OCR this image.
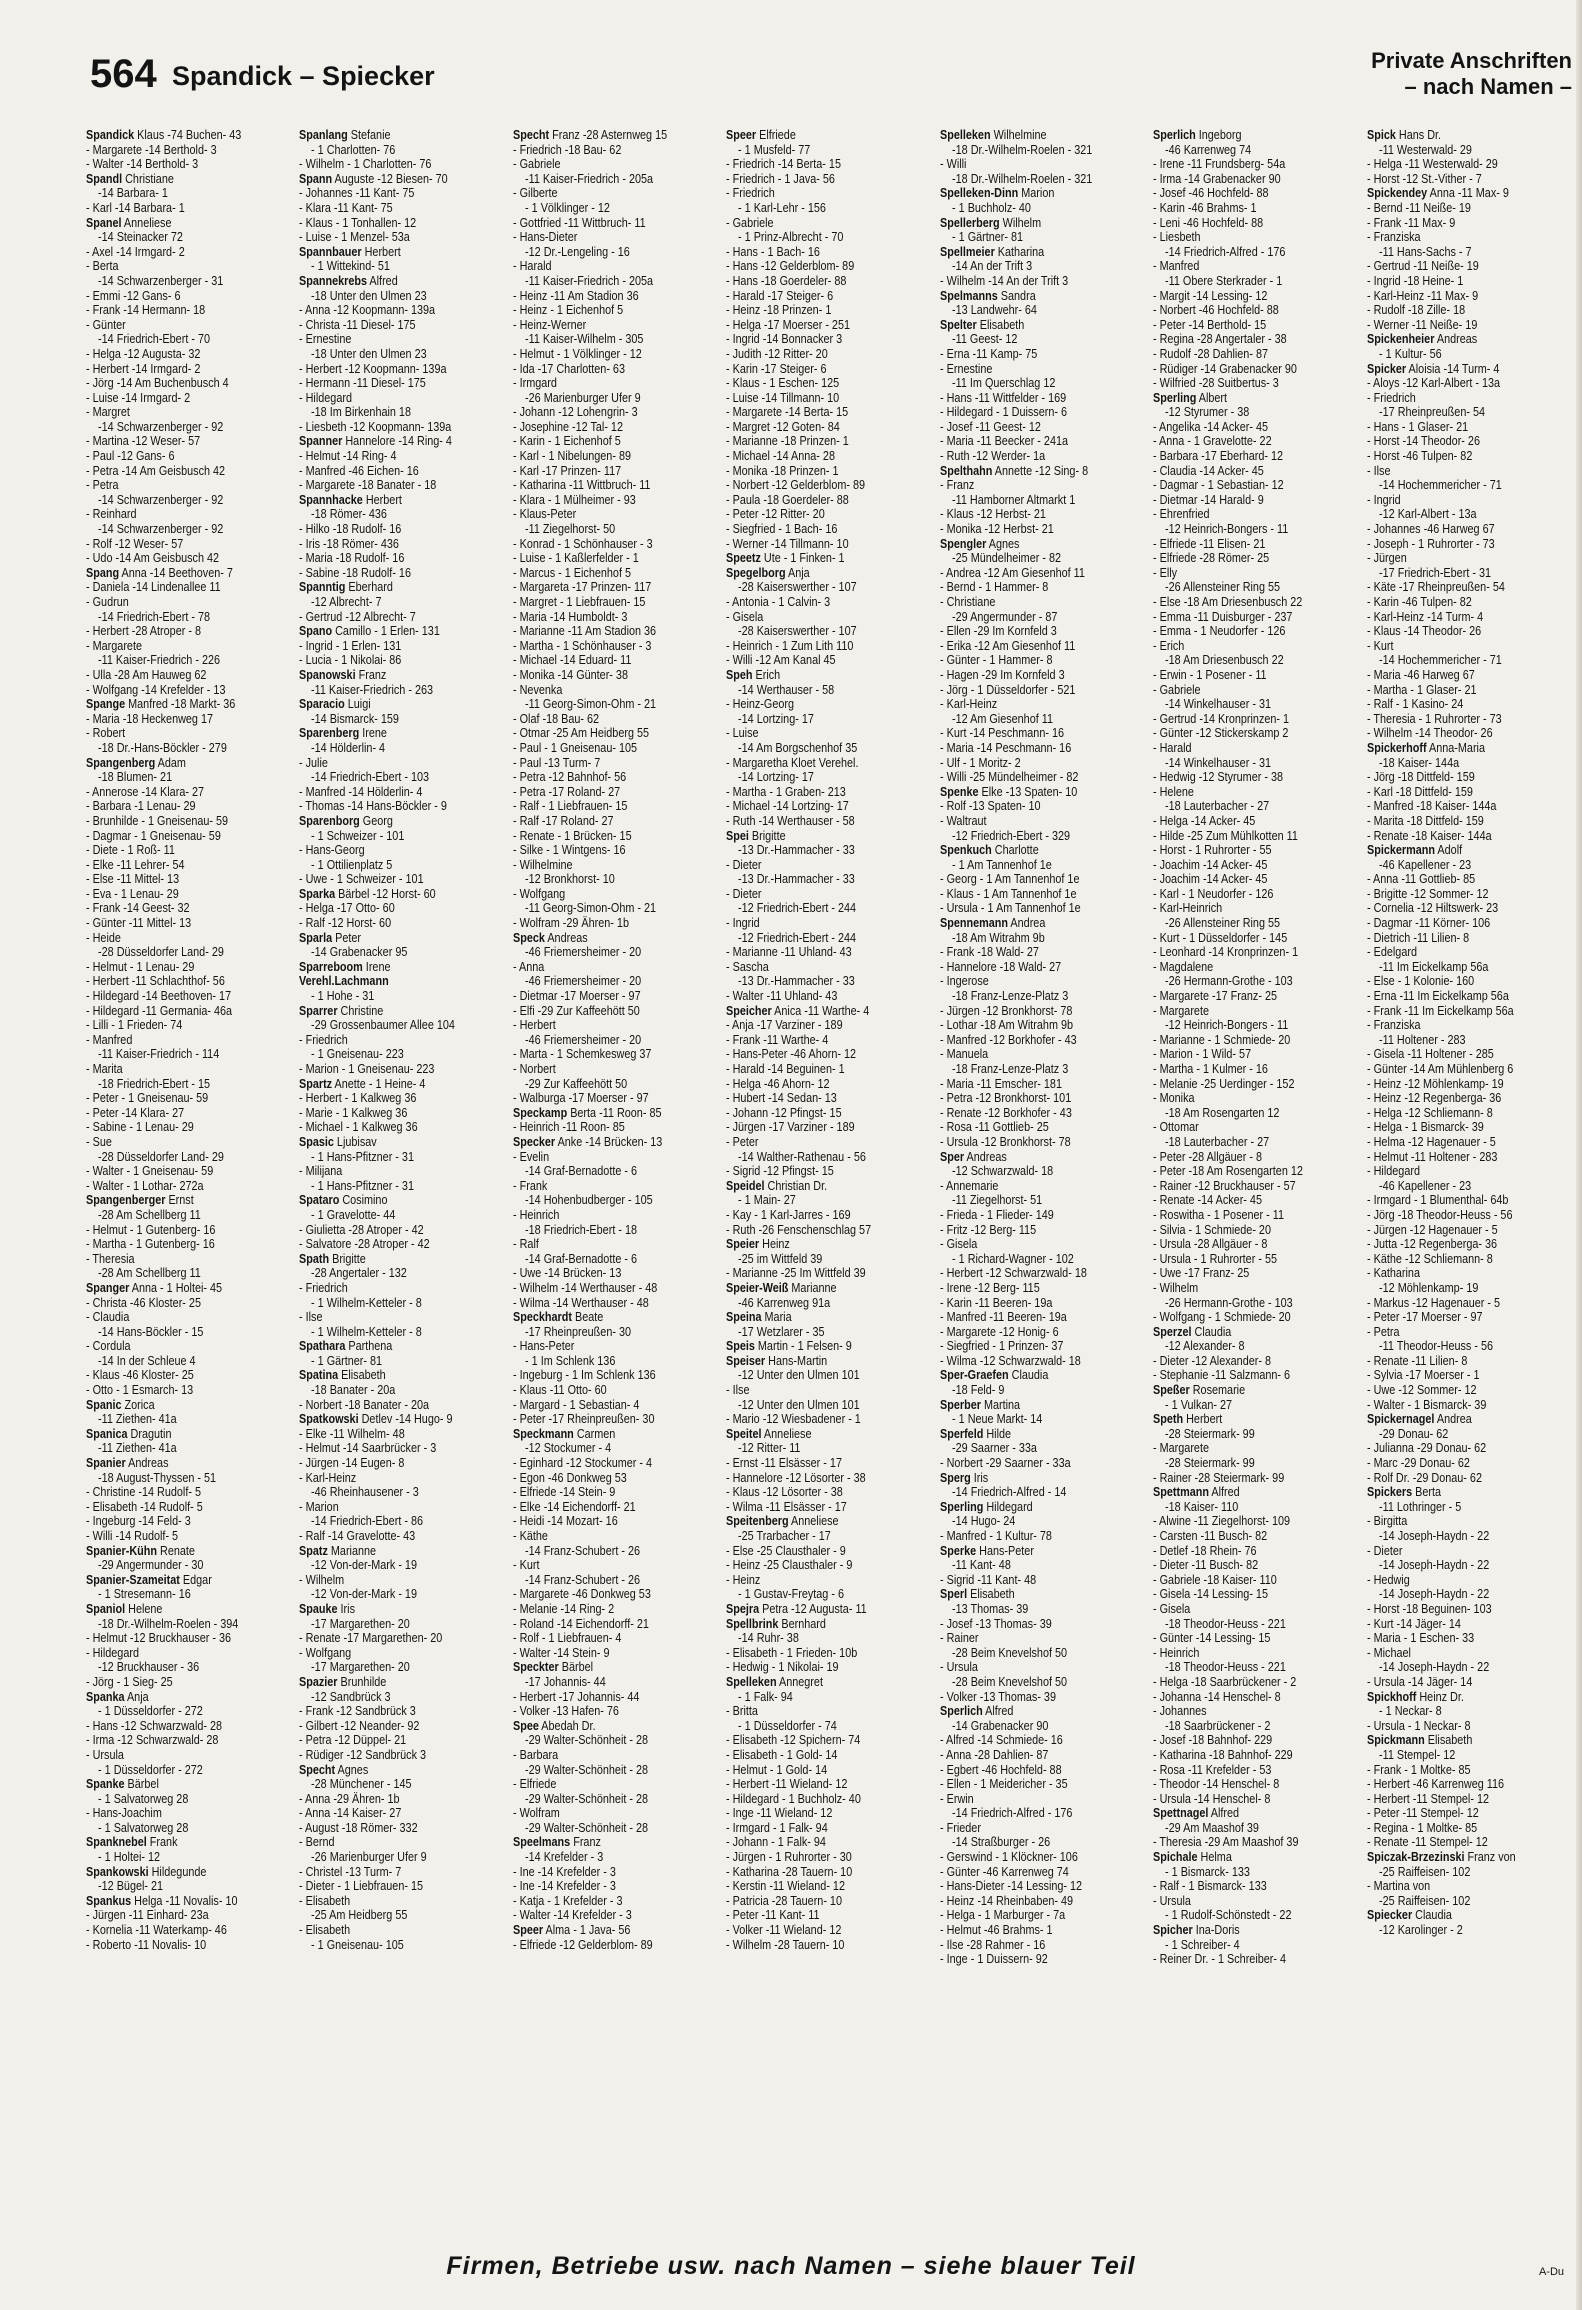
564 Spandick – Spiecker
Private Anschriften
– nach Namen –
Spandick Klaus -74 Buchen- 43
- Margarete -14 Berthold- 3
- Walter -14 Berthold- 3
Spandl Christiane
-14 Barbara- 1
- Karl -14 Barbara- 1
Spanel Anneliese
-14 Steinacker 72
- Axel -14 Irmgard- 2
- Berta
-14 Schwarzenberger - 31
- Emmi -12 Gans- 6
- Frank -14 Hermann- 18
- Günter
-14 Friedrich-Ebert - 70
- Helga -12 Augusta- 32
- Herbert -14 Irmgard- 2
- Jörg -14 Am Buchenbusch 4
- Luise -14 Irmgard- 2
- Margret
-14 Schwarzenberger - 92
- Martina -12 Weser- 57
- Paul -12 Gans- 6
- Petra -14 Am Geisbusch 42
- Petra
-14 Schwarzenberger - 92
- Reinhard
-14 Schwarzenberger - 92
- Rolf -12 Weser- 57
- Udo -14 Am Geisbusch 42
Spang Anna -14 Beethoven- 7
- Daniela -14 Lindenallee 11
- Gudrun
-14 Friedrich-Ebert - 78
- Herbert -28 Atroper - 8
- Margarete
-11 Kaiser-Friedrich - 226
- Ulla -28 Am Hauweg 62
- Wolfgang -14 Krefelder - 13
Spange Manfred -18 Markt- 36
- Maria -18 Heckenweg 17
- Robert
-18 Dr.-Hans-Böckler - 279
Spangenberg Adam
-18 Blumen- 21
- Annerose -14 Klara- 27
- Barbara -1 Lenau- 29
- Brunhilde - 1 Gneisenau- 59
- Dagmar - 1 Gneisenau- 59
- Diete - 1 Roß- 11
- Elke -11 Lehrer- 54
- Else -11 Mittel- 13
- Eva - 1 Lenau- 29
- Frank -14 Geest- 32
- Günter -11 Mittel- 13
- Heide
-28 Düsseldorfer Land- 29
- Helmut - 1 Lenau- 29
- Herbert -11 Schlachthof- 56
- Hildegard -14 Beethoven- 17
- Hildegard -11 Germania- 46a
- Lilli - 1 Frieden- 74
- Manfred
-11 Kaiser-Friedrich - 114
- Marita
-18 Friedrich-Ebert - 15
- Peter - 1 Gneisenau- 59
- Peter -14 Klara- 27
- Sabine - 1 Lenau- 29
- Sue
-28 Düsseldorfer Land- 29
- Walter - 1 Gneisenau- 59
- Walter - 1 Lothar- 272a
Spangenberger Ernst
-28 Am Schellberg 11
- Helmut - 1 Gutenberg- 16
- Martha - 1 Gutenberg- 16
- Theresia
-28 Am Schellberg 11
Spanger Anna - 1 Holtei- 45
- Christa -46 Kloster- 25
- Claudia
-14 Hans-Böckler - 15
- Cordula
-14 In der Schleue 4
- Klaus -46 Kloster- 25
- Otto - 1 Esmarch- 13
Spanic Zorica
-11 Ziethen- 41a
Spanica Dragutin
-11 Ziethen- 41a
Spanier Andreas
-18 August-Thyssen - 51
- Christine -14 Rudolf- 5
- Elisabeth -14 Rudolf- 5
- Ingeburg -14 Feld- 3
- Willi -14 Rudolf- 5
Spanier-Kühn Renate
-29 Angermunder - 30
Spanier-Szameitat Edgar
- 1 Stresemann- 16
Spaniol Helene
-18 Dr.-Wilhelm-Roelen - 394
- Helmut -12 Bruckhauser - 36
- Hildegard
-12 Bruckhauser - 36
- Jörg - 1 Sieg- 25
Spanka Anja
- 1 Düsseldorfer - 272
- Hans -12 Schwarzwald- 28
- Irma -12 Schwarzwald- 28
- Ursula
- 1 Düsseldorfer - 272
Spanke Bärbel
- 1 Salvatorweg 28
- Hans-Joachim
- 1 Salvatorweg 28
Spanknebel Frank
- 1 Holtei- 12
Spankowski Hildegunde
-12 Bügel- 21
Spankus Helga -11 Novalis- 10
- Jürgen -11 Einhard- 23a
- Kornelia -11 Waterkamp- 46
- Roberto -11 Novalis- 10
Spanlang Stefanie
- 1 Charlotten- 76
- Wilhelm - 1 Charlotten- 76
Spann Auguste -12 Biesen- 70
- Johannes -11 Kant- 75
- Klara -11 Kant- 75
- Klaus - 1 Tonhallen- 12
- Luise - 1 Menzel- 53a
Spannbauer Herbert
- 1 Wittekind- 51
Spannekrebs Alfred
-18 Unter den Ulmen 23
- Anna -12 Koopmann- 139a
- Christa -11 Diesel- 175
- Ernestine
-18 Unter den Ulmen 23
- Herbert -12 Koopmann- 139a
- Hermann -11 Diesel- 175
- Hildegard
-18 Im Birkenhain 18
- Liesbeth -12 Koopmann- 139a
Spanner Hannelore -14 Ring- 4
- Helmut -14 Ring- 4
- Manfred -46 Eichen- 16
- Margarete -18 Banater - 18
Spannhacke Herbert
-18 Römer- 436
- Hilko -18 Rudolf- 16
- Iris -18 Römer- 436
- Maria -18 Rudolf- 16
- Sabine -18 Rudolf- 16
Spanntig Eberhard
-12 Albrecht- 7
- Gertrud -12 Albrecht- 7
Spano Camillo - 1 Erlen- 131
- Ingrid - 1 Erlen- 131
- Lucia - 1 Nikolai- 86
Spanowski Franz
-11 Kaiser-Friedrich - 263
Sparacio Luigi
-14 Bismarck- 159
Sparenberg Irene
-14 Hölderlin- 4
- Julie
-14 Friedrich-Ebert - 103
- Manfred -14 Hölderlin- 4
- Thomas -14 Hans-Böckler - 9
Sparenborg Georg
- 1 Schweizer - 101
- Hans-Georg
- 1 Ottilienplatz 5
- Uwe - 1 Schweizer - 101
Sparka Bärbel -12 Horst- 60
- Helga -17 Otto- 60
- Ralf -12 Horst- 60
Sparla Peter
-14 Grabenacker 95
Sparreboom Irene
Verehl.Lachmann
- 1 Hohe - 31
Sparrer Christine
-29 Grossenbaumer Allee 104
- Friedrich
- 1 Gneisenau- 223
- Marion - 1 Gneisenau- 223
Spartz Anette - 1 Heine- 4
- Herbert - 1 Kalkweg 36
- Marie - 1 Kalkweg 36
- Michael - 1 Kalkweg 36
Spasic Ljubisav
- 1 Hans-Pfitzner - 31
- Milijana
- 1 Hans-Pfitzner - 31
Spataro Cosimino
- 1 Gravelotte- 44
- Giulietta -28 Atroper - 42
- Salvatore -28 Atroper - 42
Spath Brigitte
-28 Angertaler - 132
- Friedrich
- 1 Wilhelm-Ketteler - 8
- Ilse
- 1 Wilhelm-Ketteler - 8
Spathara Parthena
- 1 Gärtner- 81
Spatina Elisabeth
-18 Banater - 20a
- Norbert -18 Banater - 20a
Spatkowski Detlev -14 Hugo- 9
- Elke -11 Wilhelm- 48
- Helmut -14 Saarbrücker - 3
- Jürgen -14 Eugen- 8
- Karl-Heinz
-46 Rheinhausener - 3
- Marion
-14 Friedrich-Ebert - 86
- Ralf -14 Gravelotte- 43
Spatz Marianne
-12 Von-der-Mark - 19
- Wilhelm
-12 Von-der-Mark - 19
Spauke Iris
-17 Margarethen- 20
- Renate -17 Margarethen- 20
- Wolfgang
-17 Margarethen- 20
Spazier Brunhilde
-12 Sandbrück 3
- Frank -12 Sandbrück 3
- Gilbert -12 Neander- 92
- Petra -12 Düppel- 21
- Rüdiger -12 Sandbrück 3
Specht Agnes
-28 Münchener - 145
- Anna -29 Ähren- 1b
- Anna -14 Kaiser- 27
- August -18 Römer- 332
- Bernd
-26 Marienburger Ufer 9
- Christel -13 Turm- 7
- Dieter - 1 Liebfrauen- 15
- Elisabeth
-25 Am Heidberg 55
- Elisabeth
- 1 Gneisenau- 105
Specht Franz -28 Asternweg 15
- Friedrich -18 Bau- 62
- Gabriele
-11 Kaiser-Friedrich - 205a
- Gilberte
- 1 Völklinger - 12
- Gottfried -11 Wittbruch- 11
- Hans-Dieter
-12 Dr.-Lengeling - 16
- Harald
-11 Kaiser-Friedrich - 205a
- Heinz -11 Am Stadion 36
- Heinz - 1 Eichenhof 5
- Heinz-Werner
-11 Kaiser-Wilhelm - 305
- Helmut - 1 Völklinger - 12
- Ida -17 Charlotten- 63
- Irmgard
-26 Marienburger Ufer 9
- Johann -12 Lohengrin- 3
- Josephine -12 Tal- 12
- Karin - 1 Eichenhof 5
- Karl - 1 Nibelungen- 89
- Karl -17 Prinzen- 117
- Katharina -11 Wittbruch- 11
- Klara - 1 Mülheimer - 93
- Klaus-Peter
-11 Ziegelhorst- 50
- Konrad - 1 Schönhauser - 3
- Luise - 1 Kaßlerfelder - 1
- Marcus - 1 Eichenhof 5
- Margareta -17 Prinzen- 117
- Margret - 1 Liebfrauen- 15
- Maria -14 Humboldt- 3
- Marianne -11 Am Stadion 36
- Martha - 1 Schönhauser - 3
- Michael -14 Eduard- 11
- Monika -14 Günter- 38
- Nevenka
-11 Georg-Simon-Ohm - 21
- Olaf -18 Bau- 62
- Otmar -25 Am Heidberg 55
- Paul - 1 Gneisenau- 105
- Paul -13 Turm- 7
- Petra -12 Bahnhof- 56
- Petra -17 Roland- 27
- Ralf - 1 Liebfrauen- 15
- Ralf -17 Roland- 27
- Renate - 1 Brücken- 15
- Silke - 1 Wintgens- 16
- Wilhelmine
-12 Bronkhorst- 10
- Wolfgang
-11 Georg-Simon-Ohm - 21
- Wolfram -29 Ähren- 1b
Speck Andreas
-46 Friemersheimer - 20
- Anna
-46 Friemersheimer - 20
- Dietmar -17 Moerser - 97
- Elfi -29 Zur Kaffeehött 50
- Herbert
-46 Friemersheimer - 20
- Marta - 1 Schemkesweg 37
- Norbert
-29 Zur Kaffeehött 50
- Walburga -17 Moerser - 97
Speckamp Berta -11 Roon- 85
- Heinrich -11 Roon- 85
Specker Anke -14 Brücken- 13
- Evelin
-14 Graf-Bernadotte - 6
- Frank
-14 Hohenbudberger - 105
- Heinrich
-18 Friedrich-Ebert - 18
- Ralf
-14 Graf-Bernadotte - 6
- Uwe -14 Brücken- 13
- Wilhelm -14 Werthauser - 48
- Wilma -14 Werthauser - 48
Speckhardt Beate
-17 Rheinpreußen- 30
- Hans-Peter
- 1 Im Schlenk 136
- Ingeburg - 1 Im Schlenk 136
- Klaus -11 Otto- 60
- Margard - 1 Sebastian- 4
- Peter -17 Rheinpreußen- 30
Speckmann Carmen
-12 Stockumer - 4
- Eginhard -12 Stockumer - 4
- Egon -46 Donkweg 53
- Elfriede -14 Stein- 9
- Elke -14 Eichendorff- 21
- Heidi -14 Mozart- 16
- Käthe
-14 Franz-Schubert - 26
- Kurt
-14 Franz-Schubert - 26
- Margarete -46 Donkweg 53
- Melanie -14 Ring- 2
- Roland -14 Eichendorff- 21
- Rolf - 1 Liebfrauen- 4
- Walter -14 Stein- 9
Speckter Bärbel
-17 Johannis- 44
- Herbert -17 Johannis- 44
- Volker -13 Hafen- 76
Spee Abedah Dr.
-29 Walter-Schönheit - 28
- Barbara
-29 Walter-Schönheit - 28
- Elfriede
-29 Walter-Schönheit - 28
- Wolfram
-29 Walter-Schönheit - 28
Speelmans Franz
-14 Krefelder - 3
- Ine -14 Krefelder - 3
- Ine -14 Krefelder - 3
- Katja - 1 Krefelder - 3
- Walter -14 Krefelder - 3
Speer Alma - 1 Java- 56
- Elfriede -12 Gelderblom- 89
Speer Elfriede
- 1 Musfeld- 77
- Friedrich -14 Berta- 15
- Friedrich - 1 Java- 56
- Friedrich
- 1 Karl-Lehr - 156
- Gabriele
- 1 Prinz-Albrecht - 70
- Hans - 1 Bach- 16
- Hans -12 Gelderblom- 89
- Hans -18 Goerdeler- 88
- Harald -17 Steiger- 6
- Heinz -18 Prinzen- 1
- Helga -17 Moerser - 251
- Ingrid -14 Bonnacker 3
- Judith -12 Ritter- 20
- Karin -17 Steiger- 6
- Klaus - 1 Eschen- 125
- Luise -14 Tillmann- 10
- Margarete -14 Berta- 15
- Margret -12 Goten- 84
- Marianne -18 Prinzen- 1
- Michael -14 Anna- 28
- Monika -18 Prinzen- 1
- Norbert -12 Gelderblom- 89
- Paula -18 Goerdeler- 88
- Peter -12 Ritter- 20
- Siegfried - 1 Bach- 16
- Werner -14 Tillmann- 10
Speetz Ute - 1 Finken- 1
Spegelborg Anja
-28 Kaiserswerther - 107
- Antonia - 1 Calvin- 3
- Gisela
-28 Kaiserswerther - 107
- Heinrich - 1 Zum Lith 110
- Willi -12 Am Kanal 45
Speh Erich
-14 Werthauser - 58
- Heinz-Georg
-14 Lortzing- 17
- Luise
-14 Am Borgschenhof 35
- Margaretha Kloet Verehel.
-14 Lortzing- 17
- Martha - 1 Graben- 213
- Michael -14 Lortzing- 17
- Ruth -14 Werthauser - 58
Spei Brigitte
-13 Dr.-Hammacher - 33
- Dieter
-13 Dr.-Hammacher - 33
- Dieter
-12 Friedrich-Ebert - 244
- Ingrid
-12 Friedrich-Ebert - 244
- Marianne -11 Uhland- 43
- Sascha
-13 Dr.-Hammacher - 33
- Walter -11 Uhland- 43
Speicher Anica -11 Warthe- 4
- Anja -17 Varziner - 189
- Frank -11 Warthe- 4
- Hans-Peter -46 Ahorn- 12
- Harald -14 Beguinen- 1
- Helga -46 Ahorn- 12
- Hubert -14 Sedan- 13
- Johann -12 Pfingst- 15
- Jürgen -17 Varziner - 189
- Peter
-14 Walther-Rathenau - 56
- Sigrid -12 Pfingst- 15
Speidel Christian Dr.
- 1 Main- 27
- Kay - 1 Karl-Jarres - 169
- Ruth -26 Fenschenschlag 57
Speier Heinz
-25 im Wittfeld 39
- Marianne -25 Im Wittfeld 39
Speier-Weiß Marianne
-46 Karrenweg 91a
Speina Maria
-17 Wetzlarer - 35
Speis Martin - 1 Felsen- 9
Speiser Hans-Martin
-12 Unter den Ulmen 101
- Ilse
-12 Unter den Ulmen 101
- Mario -12 Wiesbadener - 1
Speitel Anneliese
-12 Ritter- 11
- Ernst -11 Elsässer - 17
- Hannelore -12 Lösorter - 38
- Klaus -12 Lösorter - 38
- Wilma -11 Elsässer - 17
Speitenberg Anneliese
-25 Trarbacher - 17
- Else -25 Clausthaler - 9
- Heinz -25 Clausthaler - 9
- Heinz
- 1 Gustav-Freytag - 6
Spejra Petra -12 Augusta- 11
Spellbrink Bernhard
-14 Ruhr- 38
- Elisabeth - 1 Frieden- 10b
- Hedwig - 1 Nikolai- 19
Spelleken Annegret
- 1 Falk- 94
- Britta
- 1 Düsseldorfer - 74
- Elisabeth -12 Spichern- 74
- Elisabeth - 1 Gold- 14
- Helmut - 1 Gold- 14
- Herbert -11 Wieland- 12
- Hildegard - 1 Buchholz- 40
- Inge -11 Wieland- 12
- Irmgard - 1 Falk- 94
- Johann - 1 Falk- 94
- Jürgen - 1 Ruhrorter - 30
- Katharina -28 Tauern- 10
- Kerstin -11 Wieland- 12
- Patricia -28 Tauern- 10
- Peter -11 Kant- 11
- Volker -11 Wieland- 12
- Wilhelm -28 Tauern- 10
Spelleken Wilhelmine
-18 Dr.-Wilhelm-Roelen - 321
- Willi
-18 Dr.-Wilhelm-Roelen - 321
Spelleken-Dinn Marion
- 1 Buchholz- 40
Spellerberg Wilhelm
- 1 Gärtner- 81
Spellmeier Katharina
-14 An der Trift 3
- Wilhelm -14 An der Trift 3
Spelmanns Sandra
-13 Landwehr- 64
Spelter Elisabeth
-11 Geest- 12
- Erna -11 Kamp- 75
- Ernestine
-11 Im Querschlag 12
- Hans -11 Wittfelder - 169
- Hildegard - 1 Duissern- 6
- Josef -11 Geest- 12
- Maria -11 Beecker - 241a
- Ruth -12 Werder- 1a
Spelthahn Annette -12 Sing- 8
- Franz
-11 Hamborner Altmarkt 1
- Klaus -12 Herbst- 21
- Monika -12 Herbst- 21
Spengler Agnes
-25 Mündelheimer - 82
- Andrea -12 Am Giesenhof 11
- Bernd - 1 Hammer- 8
- Christiane
-29 Angermunder - 87
- Ellen -29 Im Kornfeld 3
- Erika -12 Am Giesenhof 11
- Günter - 1 Hammer- 8
- Hagen -29 Im Kornfeld 3
- Jörg - 1 Düsseldorfer - 521
- Karl-Heinz
-12 Am Giesenhof 11
- Kurt -14 Peschmann- 16
- Maria -14 Peschmann- 16
- Ulf - 1 Moritz- 2
- Willi -25 Mündelheimer - 82
Spenke Elke -13 Spaten- 10
- Rolf -13 Spaten- 10
- Waltraut
-12 Friedrich-Ebert - 329
Spenkuch Charlotte
- 1 Am Tannenhof 1e
- Georg - 1 Am Tannenhof 1e
- Klaus - 1 Am Tannenhof 1e
- Ursula - 1 Am Tannenhof 1e
Spennemann Andrea
-18 Am Witrahm 9b
- Frank -18 Wald- 27
- Hannelore -18 Wald- 27
- Ingerose
-18 Franz-Lenze-Platz 3
- Jürgen -12 Bronkhorst- 78
- Lothar -18 Am Witrahm 9b
- Manfred -12 Borkhofer - 43
- Manuela
-18 Franz-Lenze-Platz 3
- Maria -11 Emscher- 181
- Petra -12 Bronkhorst- 101
- Renate -12 Borkhofer - 43
- Rosa -11 Gottlieb- 25
- Ursula -12 Bronkhorst- 78
Sper Andreas
-12 Schwarzwald- 18
- Annemarie
-11 Ziegelhorst- 51
- Frieda - 1 Flieder- 149
- Fritz -12 Berg- 115
- Gisela
- 1 Richard-Wagner - 102
- Herbert -12 Schwarzwald- 18
- Irene -12 Berg- 115
- Karin -11 Beeren- 19a
- Manfred -11 Beeren- 19a
- Margarete -12 Honig- 6
- Siegfried - 1 Prinzen- 37
- Wilma -12 Schwarzwald- 18
Sper-Graefen Claudia
-18 Feld- 9
Sperber Martina
- 1 Neue Markt- 14
Sperfeld Hilde
-29 Saarner - 33a
- Norbert -29 Saarner - 33a
Sperg Iris
-14 Friedrich-Alfred - 14
Sperling Hildegard
-14 Hugo- 24
- Manfred - 1 Kultur- 78
Sperke Hans-Peter
-11 Kant- 48
- Sigrid -11 Kant- 48
Sperl Elisabeth
-13 Thomas- 39
- Josef -13 Thomas- 39
- Rainer
-28 Beim Knevelshof 50
- Ursula
-28 Beim Knevelshof 50
- Volker -13 Thomas- 39
Sperlich Alfred
-14 Grabenacker 90
- Alfred -14 Schmiede- 16
- Anna -28 Dahlien- 87
- Egbert -46 Hochfeld- 88
- Ellen - 1 Meidericher - 35
- Erwin
-14 Friedrich-Alfred - 176
- Frieder
-14 Straßburger - 26
- Gerswind - 1 Klöckner- 106
- Günter -46 Karrenweg 74
- Hans-Dieter -14 Lessing- 12
- Heinz -14 Rheinbaben- 49
- Helga - 1 Marburger - 7a
- Helmut -46 Brahms- 1
- Ilse -28 Rahmer - 16
- Inge - 1 Duissern- 92
Sperlich Ingeborg
-46 Karrenweg 74
- Irene -11 Frundsberg- 54a
- Irma -14 Grabenacker 90
- Josef -46 Hochfeld- 88
- Karin -46 Brahms- 1
- Leni -46 Hochfeld- 88
- Liesbeth
-14 Friedrich-Alfred - 176
- Manfred
-11 Obere Sterkrader - 1
- Margit -14 Lessing- 12
- Norbert -46 Hochfeld- 88
- Peter -14 Berthold- 15
- Regina -28 Angertaler - 38
- Rudolf -28 Dahlien- 87
- Rüdiger -14 Grabenacker 90
- Wilfried -28 Suitbertus- 3
Sperling Albert
-12 Styrumer - 38
- Angelika -14 Acker- 45
- Anna - 1 Gravelotte- 22
- Barbara -17 Eberhard- 12
- Claudia -14 Acker- 45
- Dagmar - 1 Sebastian- 12
- Dietmar -14 Harald- 9
- Ehrenfried
-12 Heinrich-Bongers - 11
- Elfriede -11 Elisen- 21
- Elfriede -28 Römer- 25
- Elly
-26 Allensteiner Ring 55
- Else -18 Am Driesenbusch 22
- Emma -11 Duisburger - 237
- Emma - 1 Neudorfer - 126
- Erich
-18 Am Driesenbusch 22
- Erwin - 1 Posener - 11
- Gabriele
-14 Winkelhauser - 31
- Gertrud -14 Kronprinzen- 1
- Günter -12 Stickerskamp 2
- Harald
-14 Winkelhauser - 31
- Hedwig -12 Styrumer - 38
- Helene
-18 Lauterbacher - 27
- Helga -14 Acker- 45
- Hilde -25 Zum Mühlkotten 11
- Horst - 1 Ruhrorter - 55
- Joachim -14 Acker- 45
- Joachim -14 Acker- 45
- Karl - 1 Neudorfer - 126
- Karl-Heinrich
-26 Allensteiner Ring 55
- Kurt - 1 Düsseldorfer - 145
- Leonhard -14 Kronprinzen- 1
- Magdalene
-26 Hermann-Grothe - 103
- Margarete -17 Franz- 25
- Margarete
-12 Heinrich-Bongers - 11
- Marianne - 1 Schmiede- 20
- Marion - 1 Wild- 57
- Martha - 1 Kulmer - 16
- Melanie -25 Uerdinger - 152
- Monika
-18 Am Rosengarten 12
- Ottomar
-18 Lauterbacher - 27
- Peter -28 Allgäuer - 8
- Peter -18 Am Rosengarten 12
- Rainer -12 Bruckhauser - 57
- Renate -14 Acker- 45
- Roswitha - 1 Posener - 11
- Silvia - 1 Schmiede- 20
- Ursula -28 Allgäuer - 8
- Ursula - 1 Ruhrorter - 55
- Uwe -17 Franz- 25
- Wilhelm
-26 Hermann-Grothe - 103
- Wolfgang - 1 Schmiede- 20
Sperzel Claudia
-12 Alexander- 8
- Dieter -12 Alexander- 8
- Stephanie -11 Salzmann- 6
Speßer Rosemarie
- 1 Vulkan- 27
Speth Herbert
-28 Steiermark- 99
- Margarete
-28 Steiermark- 99
- Rainer -28 Steiermark- 99
Spettmann Alfred
-18 Kaiser- 110
- Alwine -11 Ziegelhorst- 109
- Carsten -11 Busch- 82
- Detlef -18 Rhein- 76
- Dieter -11 Busch- 82
- Gabriele -18 Kaiser- 110
- Gisela -14 Lessing- 15
- Gisela
-18 Theodor-Heuss - 221
- Günter -14 Lessing- 15
- Heinrich
-18 Theodor-Heuss - 221
- Helga -18 Saarbrückener - 2
- Johanna -14 Henschel- 8
- Johannes
-18 Saarbrückener - 2
- Josef -18 Bahnhof- 229
- Katharina -18 Bahnhof- 229
- Rosa -11 Krefelder - 53
- Theodor -14 Henschel- 8
- Ursula -14 Henschel- 8
Spettnagel Alfred
-29 Am Maashof 39
- Theresia -29 Am Maashof 39
Spichale Helma
- 1 Bismarck- 133
- Ralf - 1 Bismarck- 133
- Ursula
- 1 Rudolf-Schönstedt - 22
Spicher Ina-Doris
- 1 Schreiber- 4
- Reiner Dr. - 1 Schreiber- 4
Spick Hans Dr.
-11 Westerwald- 29
- Helga -11 Westerwald- 29
- Horst -12 St.-Vither - 7
Spickendey Anna -11 Max- 9
- Bernd -11 Neiße- 19
- Frank -11 Max- 9
- Franziska
-11 Hans-Sachs - 7
- Gertrud -11 Neiße- 19
- Ingrid -18 Heine- 1
- Karl-Heinz -11 Max- 9
- Rudolf -18 Zille- 18
- Werner -11 Neiße- 19
Spickenheier Andreas
- 1 Kultur- 56
Spicker Aloisia -14 Turm- 4
- Aloys -12 Karl-Albert - 13a
- Friedrich
-17 Rheinpreußen- 54
- Hans - 1 Glaser- 21
- Horst -14 Theodor- 26
- Horst -46 Tulpen- 82
- Ilse
-14 Hochemmericher - 71
- Ingrid
-12 Karl-Albert - 13a
- Johannes -46 Harweg 67
- Joseph - 1 Ruhrorter - 73
- Jürgen
-17 Friedrich-Ebert - 31
- Käte -17 Rheinpreußen- 54
- Karin -46 Tulpen- 82
- Karl-Heinz -14 Turm- 4
- Klaus -14 Theodor- 26
- Kurt
-14 Hochemmericher - 71
- Maria -46 Harweg 67
- Martha - 1 Glaser- 21
- Ralf - 1 Kasino- 24
- Theresia - 1 Ruhrorter - 73
- Wilhelm -14 Theodor- 26
Spickerhoff Anna-Maria
-18 Kaiser- 144a
- Jörg -18 Dittfeld- 159
- Karl -18 Dittfeld- 159
- Manfred -18 Kaiser- 144a
- Marita -18 Dittfeld- 159
- Renate -18 Kaiser- 144a
Spickermann Adolf
-46 Kapellener - 23
- Anna -11 Gottlieb- 85
- Brigitte -12 Sommer- 12
- Cornelia -12 Hiltswerk- 23
- Dagmar -11 Körner- 106
- Dietrich -11 Lilien- 8
- Edelgard
-11 Im Eickelkamp 56a
- Else - 1 Kolonie- 160
- Erna -11 Im Eickelkamp 56a
- Frank -11 Im Eickelkamp 56a
- Franziska
-11 Holtener - 283
- Gisela -11 Holtener - 285
- Günter -14 Am Mühlenberg 6
- Heinz -12 Möhlenkamp- 19
- Heinz -12 Regenberga- 36
- Helga -12 Schliemann- 8
- Helga - 1 Bismarck- 39
- Helma -12 Hagenauer - 5
- Helmut -11 Holtener - 283
- Hildegard
-46 Kapellener - 23
- Irmgard - 1 Blumenthal- 64b
- Jörg -18 Theodor-Heuss - 56
- Jürgen -12 Hagenauer - 5
- Jutta -12 Regenberga- 36
- Käthe -12 Schliemann- 8
- Katharina
-12 Möhlenkamp- 19
- Markus -12 Hagenauer - 5
- Peter -17 Moerser - 97
- Petra
-11 Theodor-Heuss - 56
- Renate -11 Lilien- 8
- Sylvia -17 Moerser - 1
- Uwe -12 Sommer- 12
- Walter - 1 Bismarck- 39
Spickernagel Andrea
-29 Donau- 62
- Julianna -29 Donau- 62
- Marc -29 Donau- 62
- Rolf Dr. -29 Donau- 62
Spickers Berta
-11 Lothringer - 5
- Birgitta
-14 Joseph-Haydn - 22
- Dieter
-14 Joseph-Haydn - 22
- Hedwig
-14 Joseph-Haydn - 22
- Horst -18 Beguinen- 103
- Kurt -14 Jäger- 14
- Maria - 1 Eschen- 33
- Michael
-14 Joseph-Haydn - 22
- Ursula -14 Jäger- 14
Spickhoff Heinz Dr.
- 1 Neckar- 8
- Ursula - 1 Neckar- 8
Spickmann Elisabeth
-11 Stempel- 12
- Frank - 1 Moltke- 85
- Herbert -46 Karrenweg 116
- Herbert -11 Stempel- 12
- Peter -11 Stempel- 12
- Regina - 1 Moltke- 85
- Renate -11 Stempel- 12
Spiczak-Brzezinski Franz von
-25 Raiffeisen- 102
- Martina von
-25 Raiffeisen- 102
Spiecker Claudia
-12 Karolinger - 2
Firmen, Betriebe usw. nach Namen – siehe blauer Teil	A-Du
